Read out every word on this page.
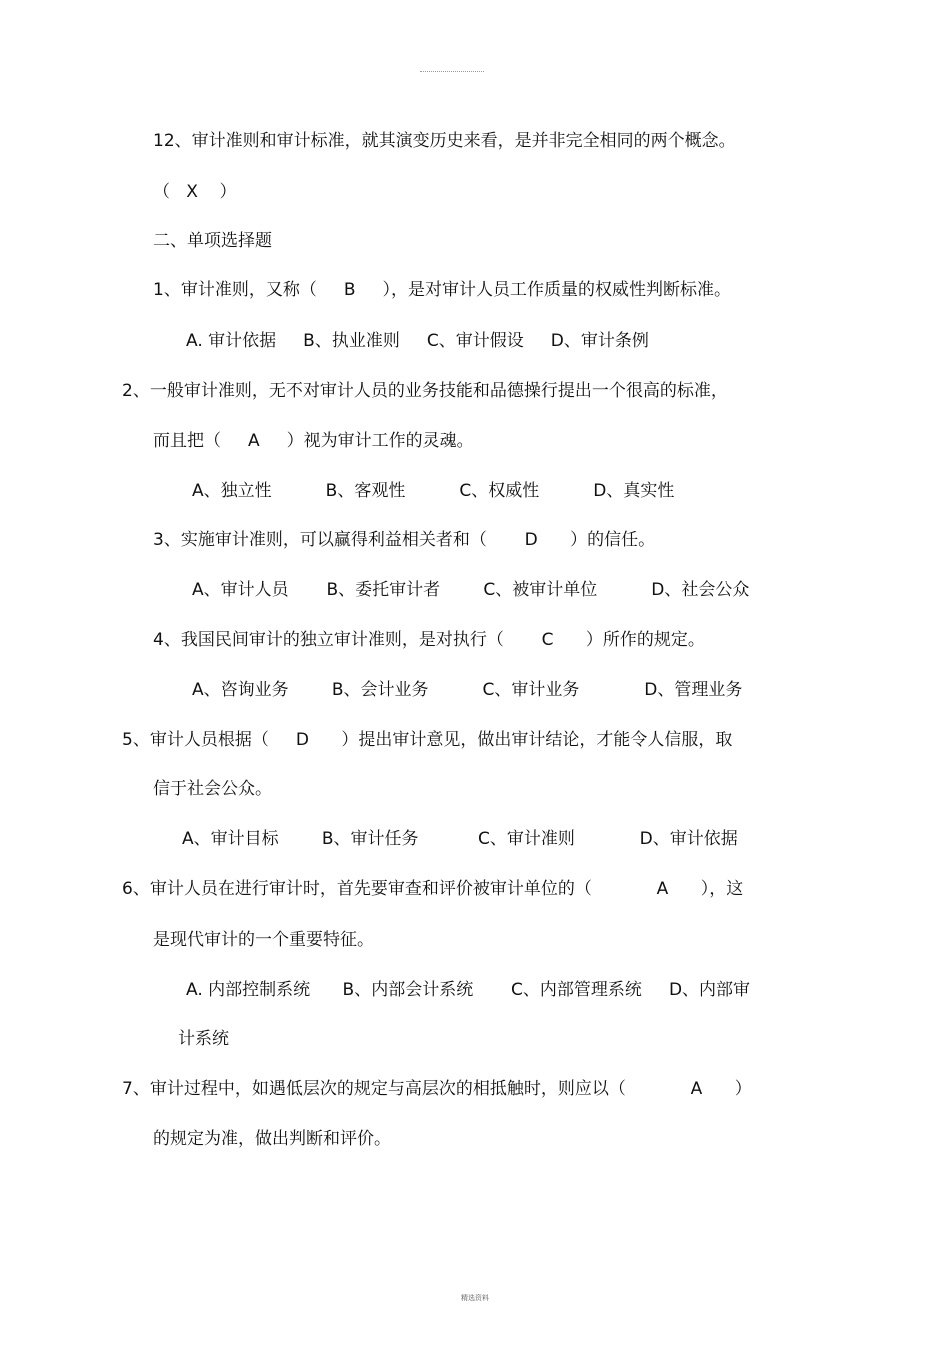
12、审计准则和审计标准，就其演变历史来看，是并非完全相同的两个概念。
（   X    ）
二、单项选择题
1、审计准则，又称（     B     ），是对审计人员工作质量的权威性判断标准。
A. 审计依据     B、执业准则     C、审计假设     D、审计条例
2、一般审计准则，无不对审计人员的业务技能和品德操行提出一个很高的标准，
而且把（     A     ）视为审计工作的灵魂。
A、独立性          B、客观性          C、权威性          D、真实性
3、实施审计准则，可以赢得利益相关者和（       D      ）的信任。
A、审计人员       B、委托审计者        C、被审计单位          D、社会公众
4、我国民间审计的独立审计准则，是对执行（       C      ）所作的规定。
A、咨询业务        B、会计业务          C、审计业务            D、管理业务
5、审计人员根据（     D      ）提出审计意见，做出审计结论，才能令人信服，取
信于社会公众。
A、审计目标        B、审计任务           C、审计准则            D、审计依据
6、审计人员在进行审计时，首先要审查和评价被审计单位的（            A      ），这
是现代审计的一个重要特征。
A. 内部控制系统      B、内部会计系统       C、内部管理系统     D、内部审
计系统
7、审计过程中，如遇低层次的规定与高层次的相抵触时，则应以（            A      ）
的规定为准，做出判断和评价。
精选资料
